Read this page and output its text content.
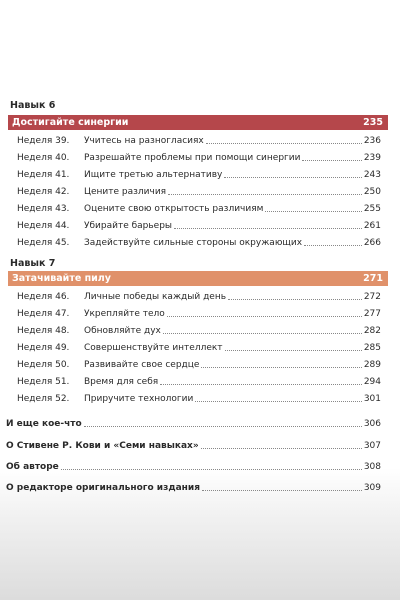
Навык 6
Достигайте синергии	235
Неделя 39.	Учитесь на разногласиях	236
Неделя 40.	Разрешайте проблемы при помощи синергии	239
Неделя 41.	Ищите третью альтернативу	243
Неделя 42.	Цените различия	250
Неделя 43.	Оцените свою открытость различиям	255
Неделя 44.	Убирайте барьеры	261
Неделя 45.	Задействуйте сильные стороны окружающих	266
Навык 7
Затачивайте пилу	271
Неделя 46.	Личные победы каждый день	272
Неделя 47.	Укрепляйте тело	277
Неделя 48.	Обновляйте дух	282
Неделя 49.	Совершенствуйте интеллект	285
Неделя 50.	Развивайте свое сердце	289
Неделя 51.	Время для себя	294
Неделя 52.	Приручите технологии	301
И еще кое-что	306
О Стивене Р. Кови и «Семи навыках»	307
Об авторе	308
О редакторе оригинального издания	309
